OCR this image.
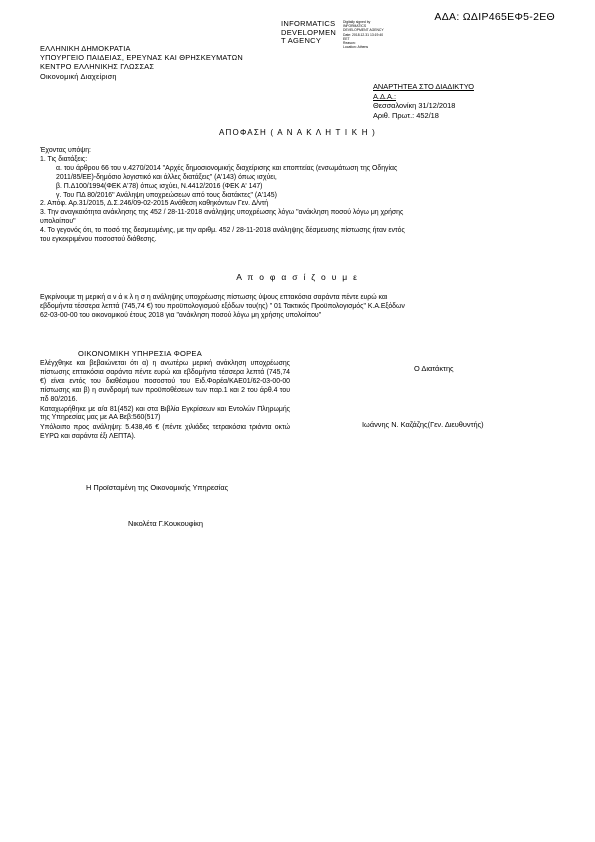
ΑΔΑ: ΩΔΙΡ465ΕΦ5-2ΕΘ
INFORMATICS
DEVELOPMEN
T AGENCY
Digitally signed by
INFORMATICS
DEVELOPMENT AGENCY
Date: 2018.12.31 13:19:40
EET
Reason:
Location: Athens
ΕΛΛΗΝΙΚΗ ΔΗΜΟΚΡΑΤΙΑ
ΥΠΟΥΡΓΕΙΟ ΠΑΙΔΕΙΑΣ, ΕΡΕΥΝΑΣ ΚΑΙ ΘΡΗΣΚΕΥΜΑΤΩΝ
ΚΕΝΤΡΟ ΕΛΛΗΝΙΚΗΣ ΓΛΩΣΣΑΣ
Οικονομική Διαχείριση
ΑΝΑΡΤΗΤΕΑ ΣΤΟ ΔΙΑΔΙΚΤΥΟ
Α.Δ.Α.:
Θεσσαλονίκη 31/12/2018
Αριθ. Πρωτ.: 452/18
ΑΠΟΦΑΣΗ ( Α Ν Α Κ Λ Η Τ Ι Κ Η )

Έχοντας υπόψη:

1. Τις διατάξεις:

α. του άρθρου 66 του ν.4270/2014 "Αρχές δημοσιονομικής διαχείρισης και εποπτείας (ενσωμάτωση της Οδηγίας

2011/85/ΕΕ)-δημόσιο λογιστικό και άλλες διατάξεις" (Α'143) όπως ισχύει,

β. Π.Δ100/1994(ΦΕΚ Α'78) όπως ισχύει, Ν.4412/2016 (ΦΕΚ Α' 147)

γ. Του ΠΔ 80/2016" Ανάληψη υποχρεώσεων από τους διατάκτες" (Α'145)

2. Απόφ. Αρ.31/2015, Δ.Σ.246/09-02-2015 Ανάθεση καθηκόντων Γεν. Δ/ντή

3. Την αναγκαιότητα ανάκλησης της 452 / 28-11-2018 ανάληψης υποχρέωσης λόγω "ανάκληση ποσού λόγω μη χρήσης

υπολοίπου"

4. Το γεγονός ότι, το ποσό της δεσμευμένης, με την αριθμ. 452 / 28-11-2018 ανάληψης δέσμευσης πίστωσης ήταν εντός

του εγκεκριμένου ποσοστού διάθεσης.

Α π ο φ α σ ί ζ ο υ μ ε
Εγκρίνουμε τη μερική α ν ά κ λ η σ η ανάληψης υποχρέωσης πίστωσης ύψους επτακόσια σαράντα πέντε ευρώ και
εβδομήντα τέσσερα λεπτά (745,74 €) του προϋπολογισμού εξόδων του(ης) " 01 Τακτικός Προϋπολογισμός" Κ.Α.Εξόδων
62-03-00-00 του οικονομικού έτους 2018 για "ανάκληση ποσού λόγω μη χρήσης υπολοίπου"
ΟΙΚΟΝΟΜΙΚΗ ΥΠΗΡΕΣΙΑ ΦΟΡΕΑ

Ελέγχθηκε και βεβαιώνεται ότι α) η ανωτέρω μερική ανάκληση υποχρέωσης πίστωσης επτακόσια σαράντα πέντε ευρώ και εβδομήντα τέσσερα λεπτά (745,74 €) είναι εντός του διαθέσιμου ποσοστού του Ειδ.Φορέα/ΚΑΕ01/62-03-00-00 πίστωσης και β) η συνδρομή των προϋποθέσεων των παρ.1 και 2 του άρθ.4 του πδ 80/2016.

Καταχωρήθηκε με α/α 81(452) και στα Βιβλία Εγκρίσεων και Εντολών Πληρωμής της Υπηρεσίας μας με ΑΑ Βεβ:560(517)

Υπόλοιπο προς ανάληψη: 5.438,46 € (πέντε χιλιάδες τετρακόσια τριάντα οκτώ ΕΥΡΩ και σαράντα έξι ΛΕΠΤΑ).

Ο Διατάκτης
Ιωάννης Ν. Καζάζης(Γεν. Διευθυντής)
Η Προϊσταμένη της Οικονομικής Υπηρεσίας
Νικολέτα Γ.Κουκουφίκη
